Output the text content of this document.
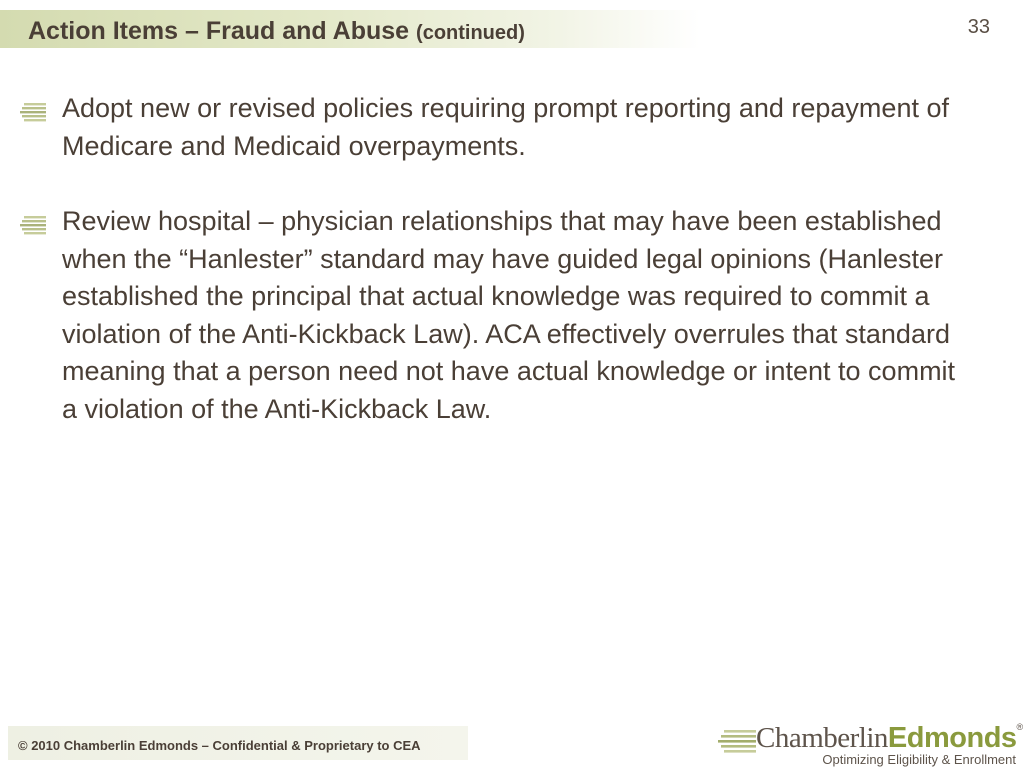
Action Items – Fraud and Abuse (continued)	33
Adopt new or revised policies requiring prompt reporting and repayment of Medicare and Medicaid overpayments.
Review hospital – physician relationships that may have been established when the “Hanlester” standard may have guided legal opinions (Hanlester established the principal that actual knowledge was required to commit a violation of the Anti-Kickback Law). ACA effectively overrules that standard meaning that a person need not have actual knowledge or intent to commit a violation of the Anti-Kickback Law.
© 2010 Chamberlin Edmonds – Confidential & Proprietary to CEA	ChamberlinEdmonds®
Optimizing Eligibility & Enrollment
